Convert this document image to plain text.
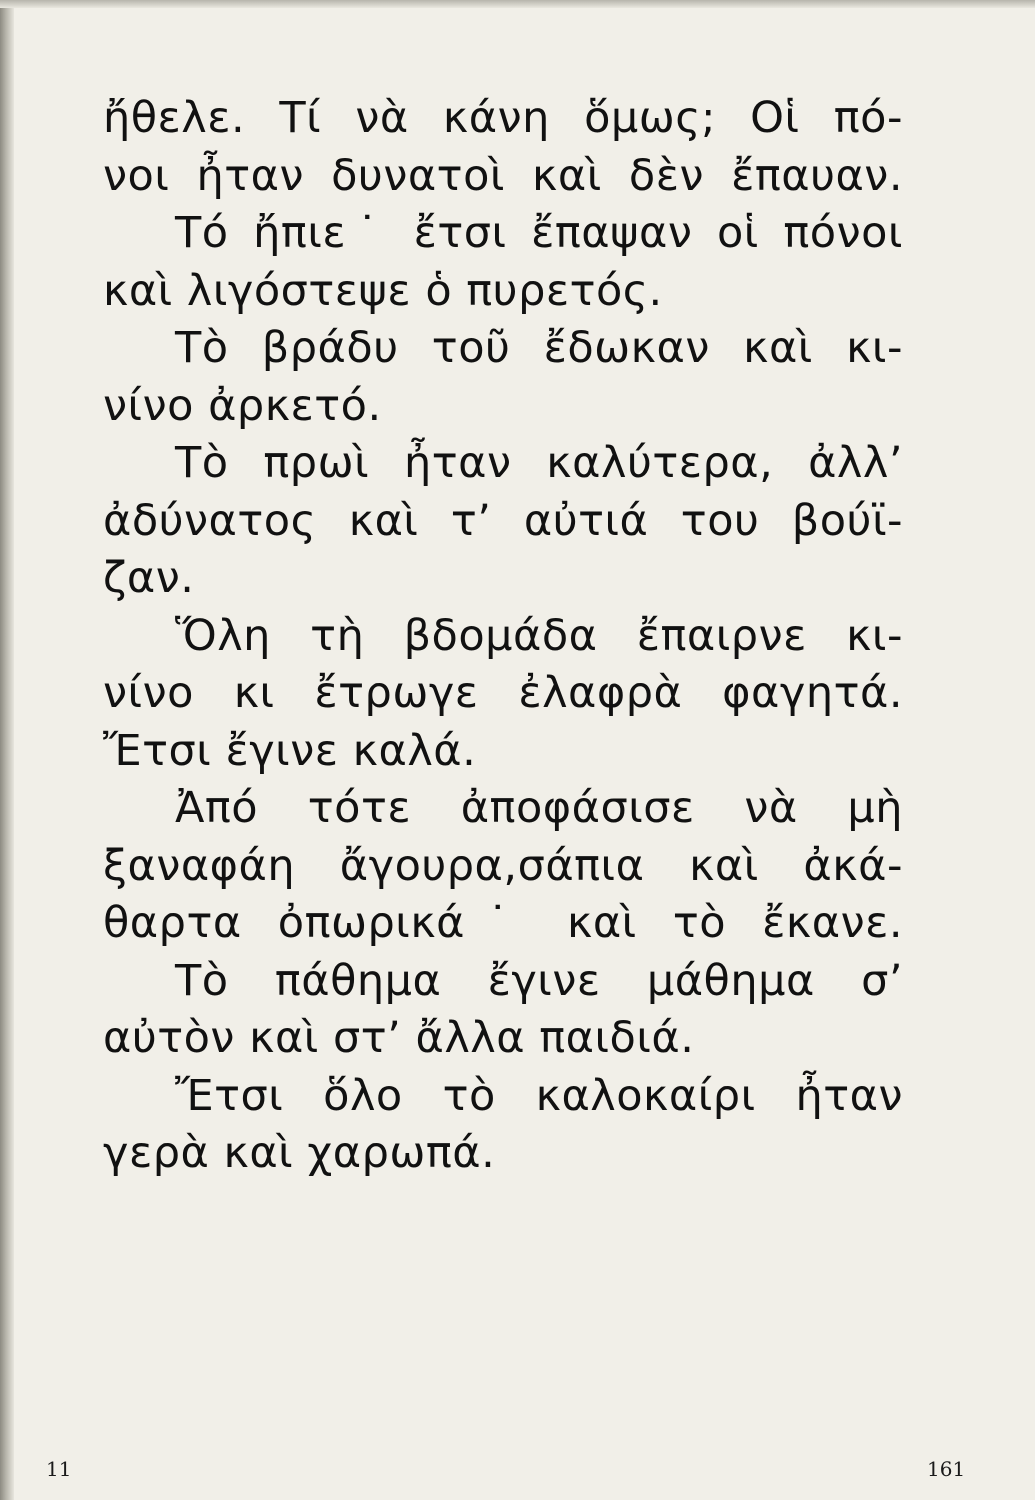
ἤθελε. Τί νὰ κάνη ὅμως; Οἱ πό-
νοι ἦταν δυνατοὶ καὶ δὲν ἔπαυαν.
Τό ἤπιε˙ ἔτσι ἔπαψαν οἱ πόνοι
καὶ λιγόστεψε ὁ πυρετός.
Τὸ βράδυ τοῦ ἔδωκαν καὶ κι-
νίνο ἀρκετό.
Τὸ πρωὶ ἦταν καλύτερα, ἀλλ’
ἀδύνατος καὶ τ’ αὐτιά του βούϊ-
ζαν.
Ὅλη τὴ βδομάδα ἔπαιρνε κι-
νίνο κι ἔτρωγε ἐλαφρὰ φαγητά.
Ἔτσι ἔγινε καλά.
Ἀπό τότε ἀποφάσισε νὰ μὴ
ξαναφάη ἄγουρα,σάπια καὶ ἀκά-
θαρτα ὀπωρικά˙ καὶ τὸ ἔκανε.
Τὸ πάθημα ἔγινε μάθημα σ’
αὐτὸν καὶ στ’ ἄλλα παιδιά.
Ἔτσι ὅλο τὸ καλοκαίρι ἦταν
γερὰ καὶ χαρωπά.
11	161
